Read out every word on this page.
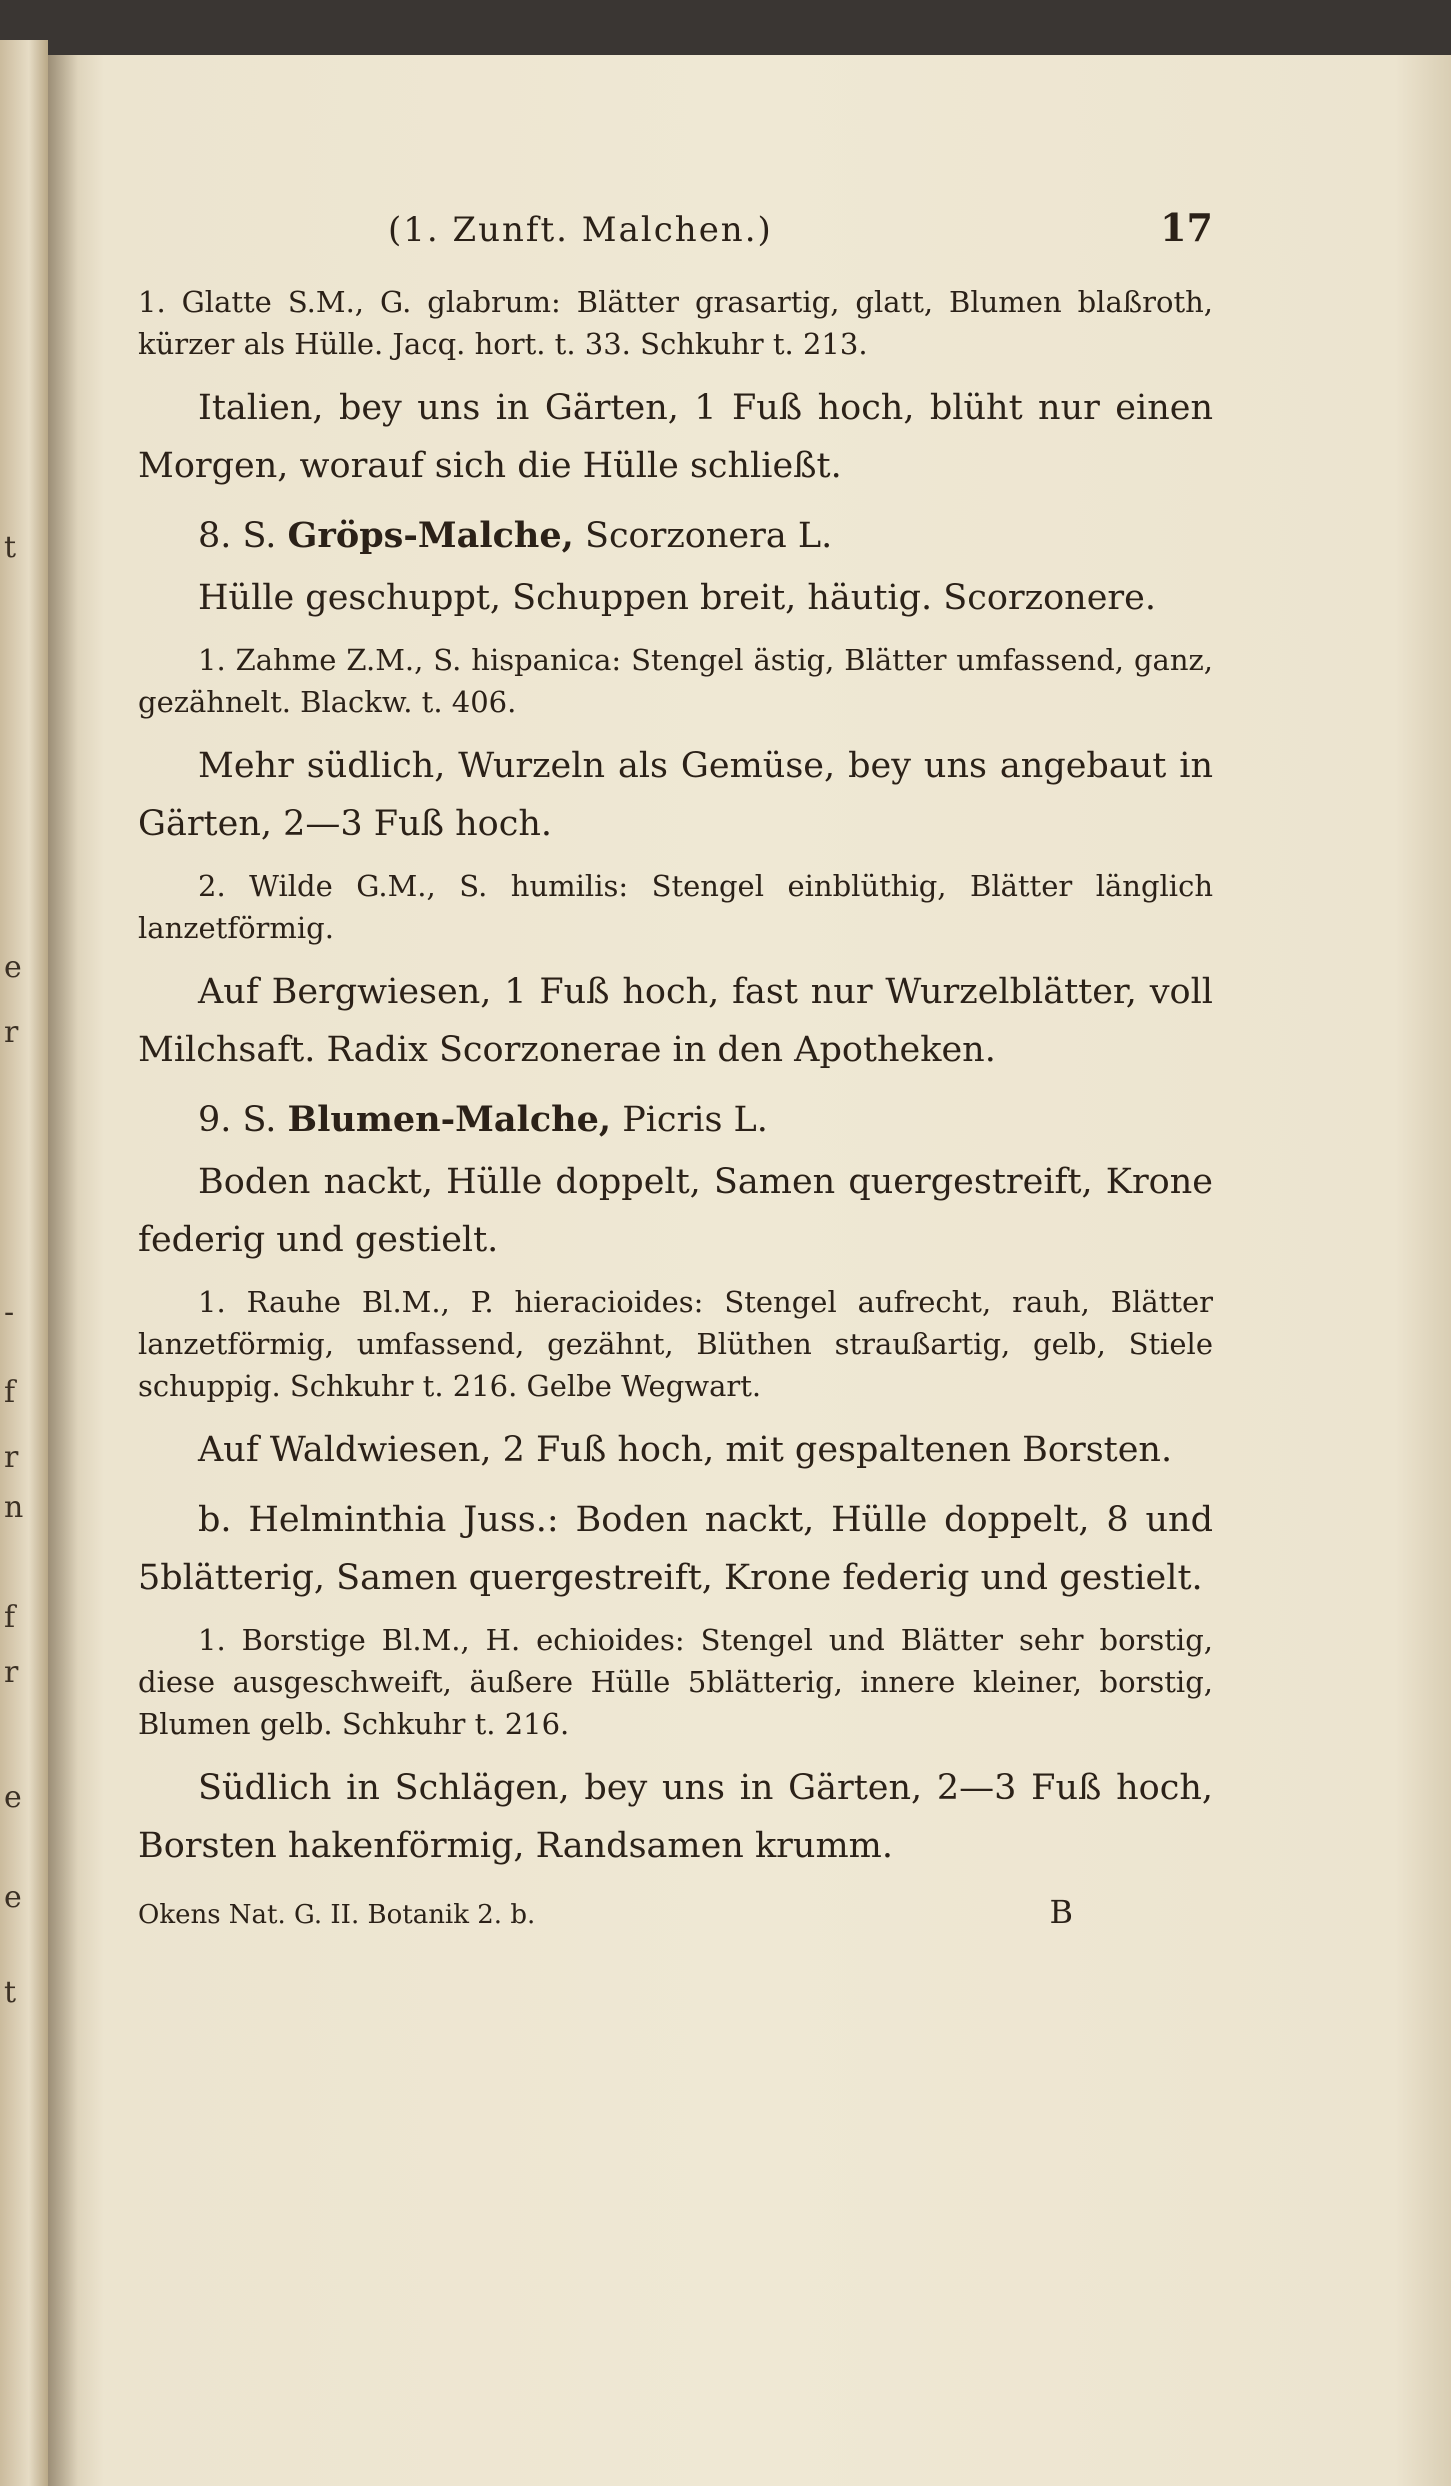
t
e
r
-
f
r
n
f
r
e
e
t
(1. Zunft. Malchen.)	17

1. Glatte S.M., G. glabrum: Blätter grasartig, glatt, Blumen blaßroth, kürzer als Hülle. Jacq. hort. t. 33. Schkuhr t. 213.

Italien, bey uns in Gärten, 1 Fuß hoch, blüht nur einen Morgen, worauf sich die Hülle schließt.

8. S. Gröps-Malche, Scorzonera L.

Hülle geschuppt, Schuppen breit, häutig. Scorzonere.

1. Zahme Z.M., S. hispanica: Stengel ästig, Blätter umfassend, ganz, gezähnelt. Blackw. t. 406.

Mehr südlich, Wurzeln als Gemüse, bey uns angebaut in Gärten, 2—3 Fuß hoch.

2. Wilde G.M., S. humilis: Stengel einblüthig, Blätter länglich lanzetförmig.

Auf Bergwiesen, 1 Fuß hoch, fast nur Wurzelblätter, voll Milchsaft. Radix Scorzonerae in den Apotheken.

9. S. Blumen-Malche, Picris L.

Boden nackt, Hülle doppelt, Samen quergestreift, Krone federig und gestielt.

1. Rauhe Bl.M., P. hieracioides: Stengel aufrecht, rauh, Blätter lanzetförmig, umfassend, gezähnt, Blüthen straußartig, gelb, Stiele schuppig. Schkuhr t. 216. Gelbe Wegwart.

Auf Waldwiesen, 2 Fuß hoch, mit gespaltenen Borsten.

b. Helminthia Juss.: Boden nackt, Hülle doppelt, 8 und 5blätterig, Samen quergestreift, Krone federig und gestielt.

1. Borstige Bl.M., H. echioides: Stengel und Blätter sehr borstig, diese ausgeschweift, äußere Hülle 5blätterig, innere kleiner, borstig, Blumen gelb. Schkuhr t. 216.

Südlich in Schlägen, bey uns in Gärten, 2—3 Fuß hoch, Borsten hakenförmig, Randsamen krumm.

Okens Nat. G. II. Botanik 2. b.	B
